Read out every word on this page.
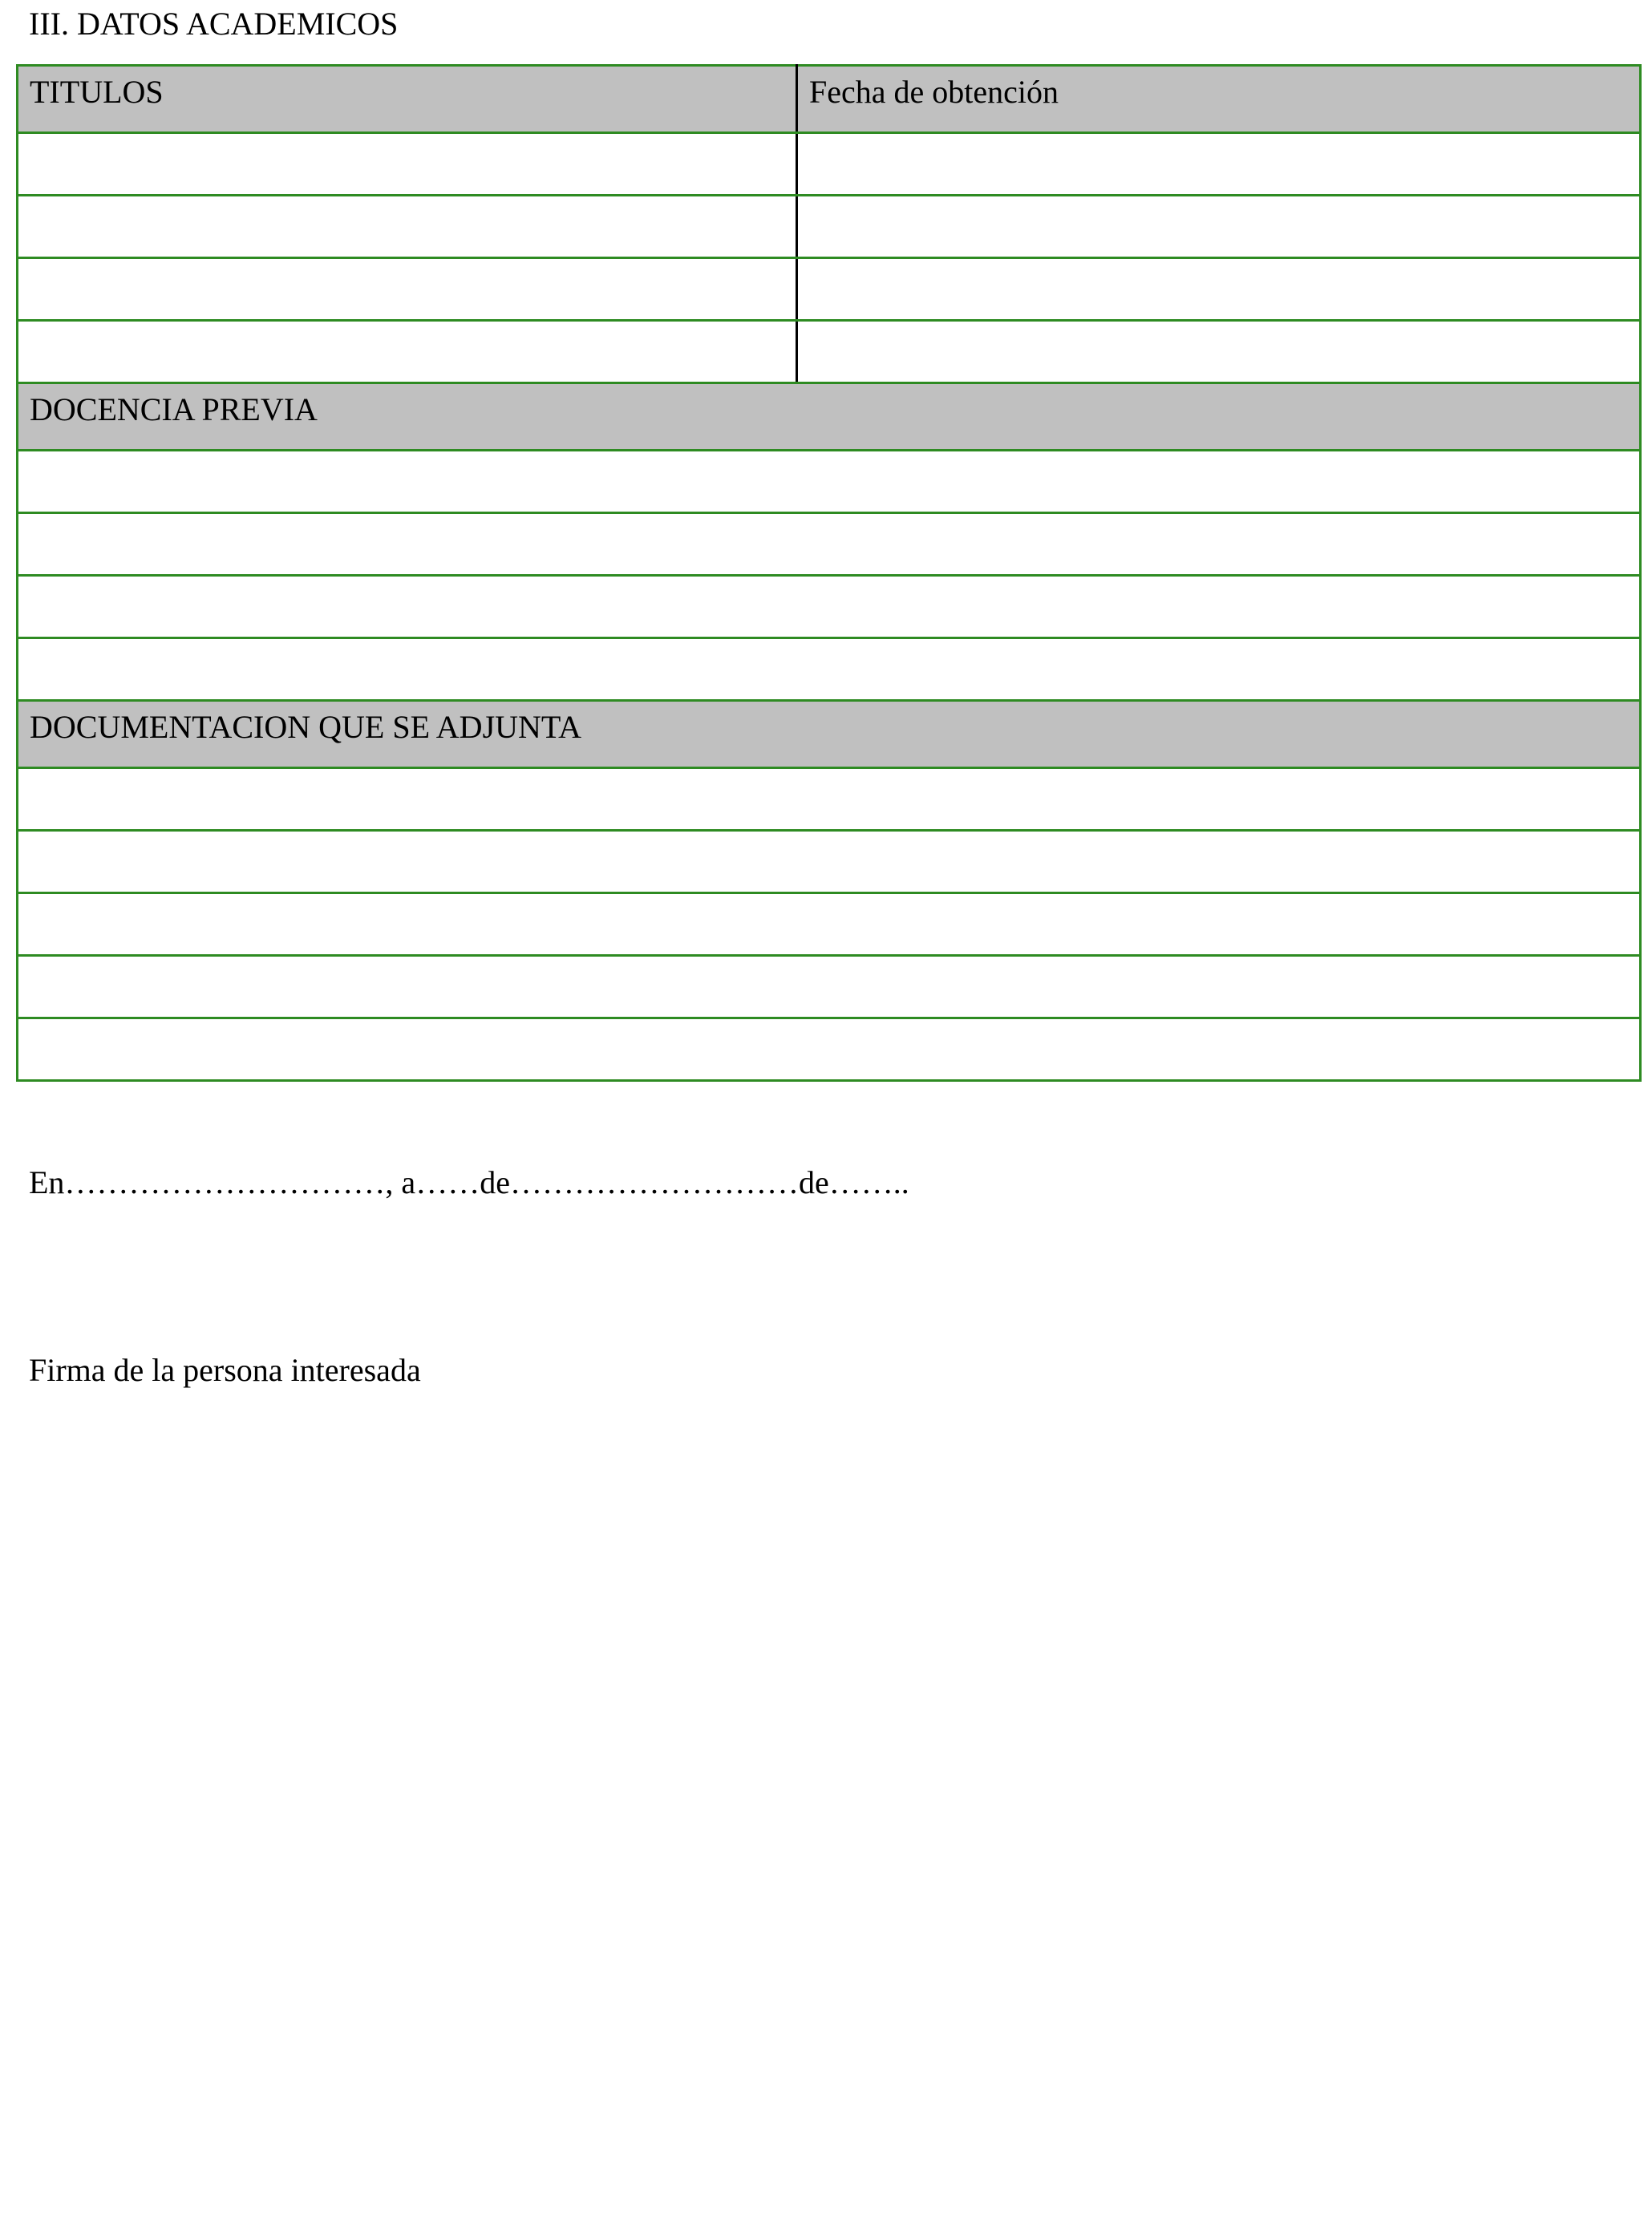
III. DATOS ACADEMICOS
TITULOS	Fecha de obtención

DOCENCIA PREVIA	

DOCUMENTACION QUE SE ADJUNTA	

En…………………………, a……de………………………de……..
Firma de la persona interesada
